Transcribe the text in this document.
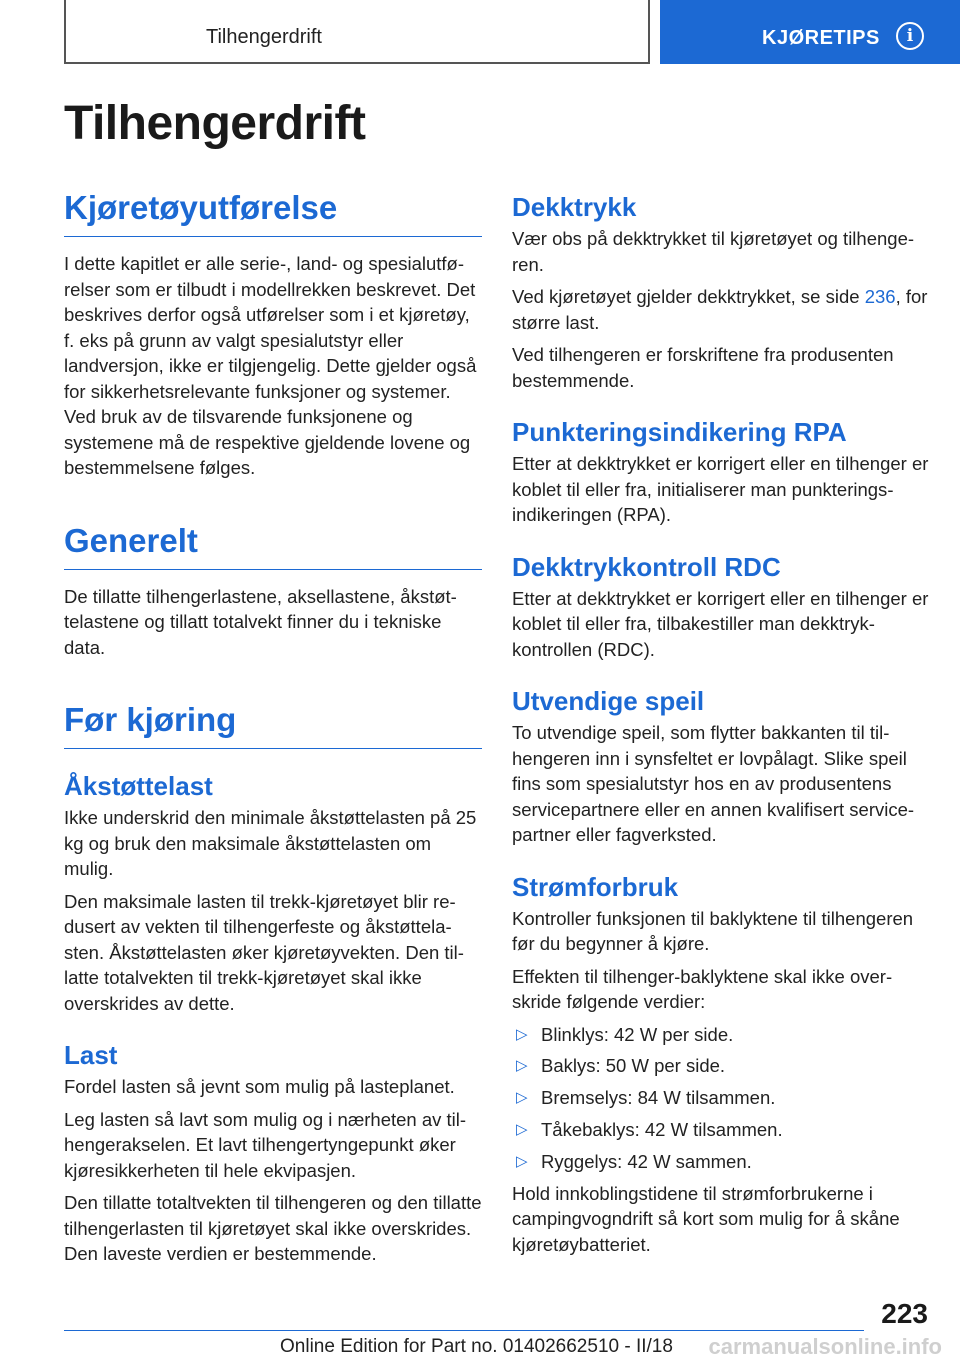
Tilhengerdrift	KJØRETIPS	i
Tilhengerdrift
Kjøretøyutførelse

I dette kapitlet er alle serie-, land- og spesialutførelser som er tilbudt i modellrekken beskrevet. Det beskrives derfor også utførelser som i et kjøretøy, f. eks på grunn av valgt spesialutstyr eller landversjon, ikke er tilgjengelig. Dette gjelder også for sikkerhetsrelevante funksjoner og systemer. Ved bruk av de tilsvarende funksjonene og systemene må de respektive gjeldende lovene og bestemmelsene følges.

Generelt

De tillatte tilhengerlastene, aksellastene, åkstøttelastene og tillatt totalvekt finner du i tekniske data.

Før kjøring
Åkstøttelast

Ikke underskrid den minimale åkstøttelasten på 25 kg og bruk den maksimale åkstøttelasten om mulig.

Den maksimale lasten til trekk-kjøretøyet blir redusert av vekten til tilhengerfeste og åkstøttelasten. Åkstøttelasten øker kjøretøyvekten. Den tillatte totalvekten til trekk-kjøretøyet skal ikke overskrides av dette.

Last

Fordel lasten så jevnt som mulig på lasteplanet.

Leg lasten så lavt som mulig og i nærheten av tilhengerakselen. Et lavt tilhengertyngepunkt øker kjøresikkerheten til hele ekvipasjen.

Den tillatte totaltvekten til tilhengeren og den tillatte tilhengerlasten til kjøretøyet skal ikke overskrides. Den laveste verdien er bestemmende.

Dekktrykk

Vær obs på dekktrykket til kjøretøyet og tilhengeren.

Ved kjøretøyet gjelder dekktrykket, se side 236, for større last.

Ved tilhengeren er forskriftene fra produsenten bestemmende.

Punkteringsindikering RPA

Etter at dekktrykket er korrigert eller en tilhenger er koblet til eller fra, initialiserer man punkteringsindikeringen (RPA).

Dekktrykkontroll RDC

Etter at dekktrykket er korrigert eller en tilhenger er koblet til eller fra, tilbakestiller man dekktrykkontrollen (RDC).

Utvendige speil

To utvendige speil, som flytter bakkanten til tilhengeren inn i synsfeltet er lovpålagt. Slike speil fins som spesialutstyr hos en av produsentens servicepartnere eller en annen kvalifisert servicepartner eller fagverksted.

Strømforbruk

Kontroller funksjonen til baklyktene til tilhengeren før du begynner å kjøre.

Effekten til tilhenger-baklyktene skal ikke overskride følgende verdier:

▷ Blinklys: 42 W per side.
▷ Baklys: 50 W per side.
▷ Bremselys: 84 W tilsammen.
▷ Tåkebaklys: 42 W tilsammen.
▷ Ryggelys: 42 W sammen.

Hold innkoblingstidene til strømforbrukerne i campingvogndrift så kort som mulig for å skåne kjøretøybatteriet.

223
Online Edition for Part no. 01402662510 - II/18 carmanualsonline.info
